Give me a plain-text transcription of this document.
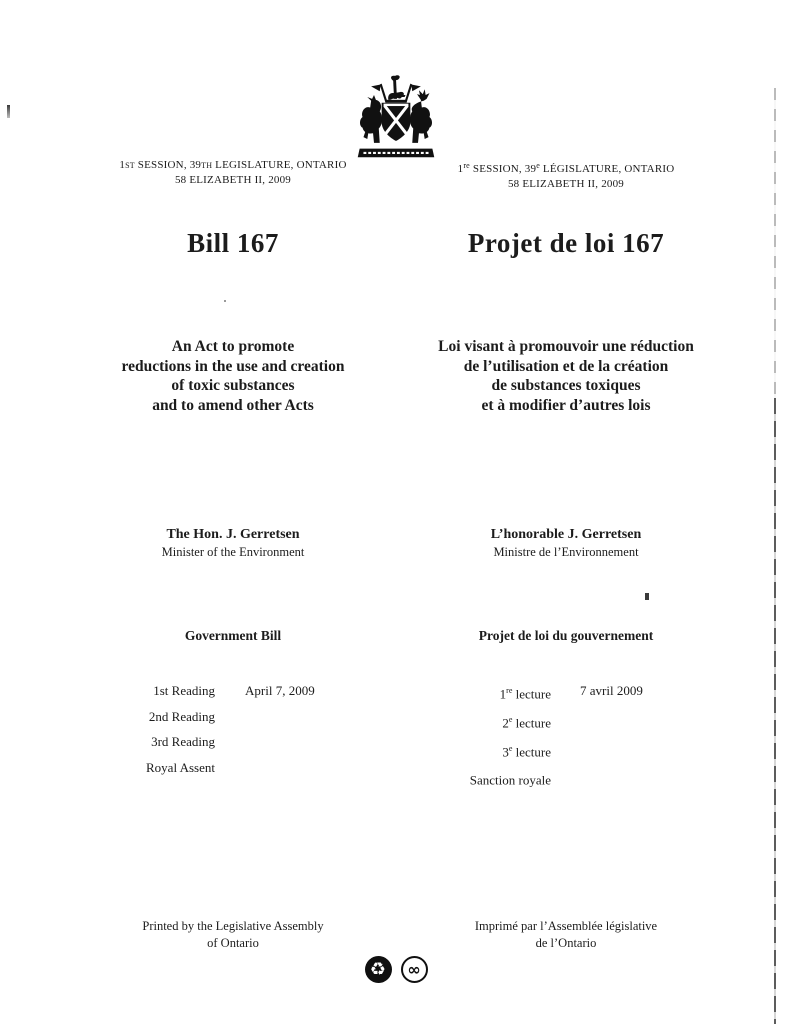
1ST SESSION, 39TH LEGISLATURE, ONTARIO
58 ELIZABETH II, 2009
1re SESSION, 39e LÉGISLATURE, ONTARIO
58 ELIZABETH II, 2009
Bill 167	Projet de loi 167
An Act to promote
reductions in the use and creation
of toxic substances
and to amend other Acts
Loi visant à promouvoir une réduction
de l’utilisation et de la création
de substances toxiques
et à modifier d’autres lois
The Hon. J. Gerretsen
Minister of the Environment
L’honorable J. Gerretsen
Ministre de l’Environnement
Government Bill	Projet de loi du gouvernement
1st Reading	April 7, 2009
2nd Reading
3rd Reading
Royal Assent
1re lecture	7 avril 2009
2e lecture
3e lecture
Sanction royale
Printed by the Legislative Assembly
of Ontario
Imprimé par l’Assemblée législative
de l’Ontario
♻	∞
